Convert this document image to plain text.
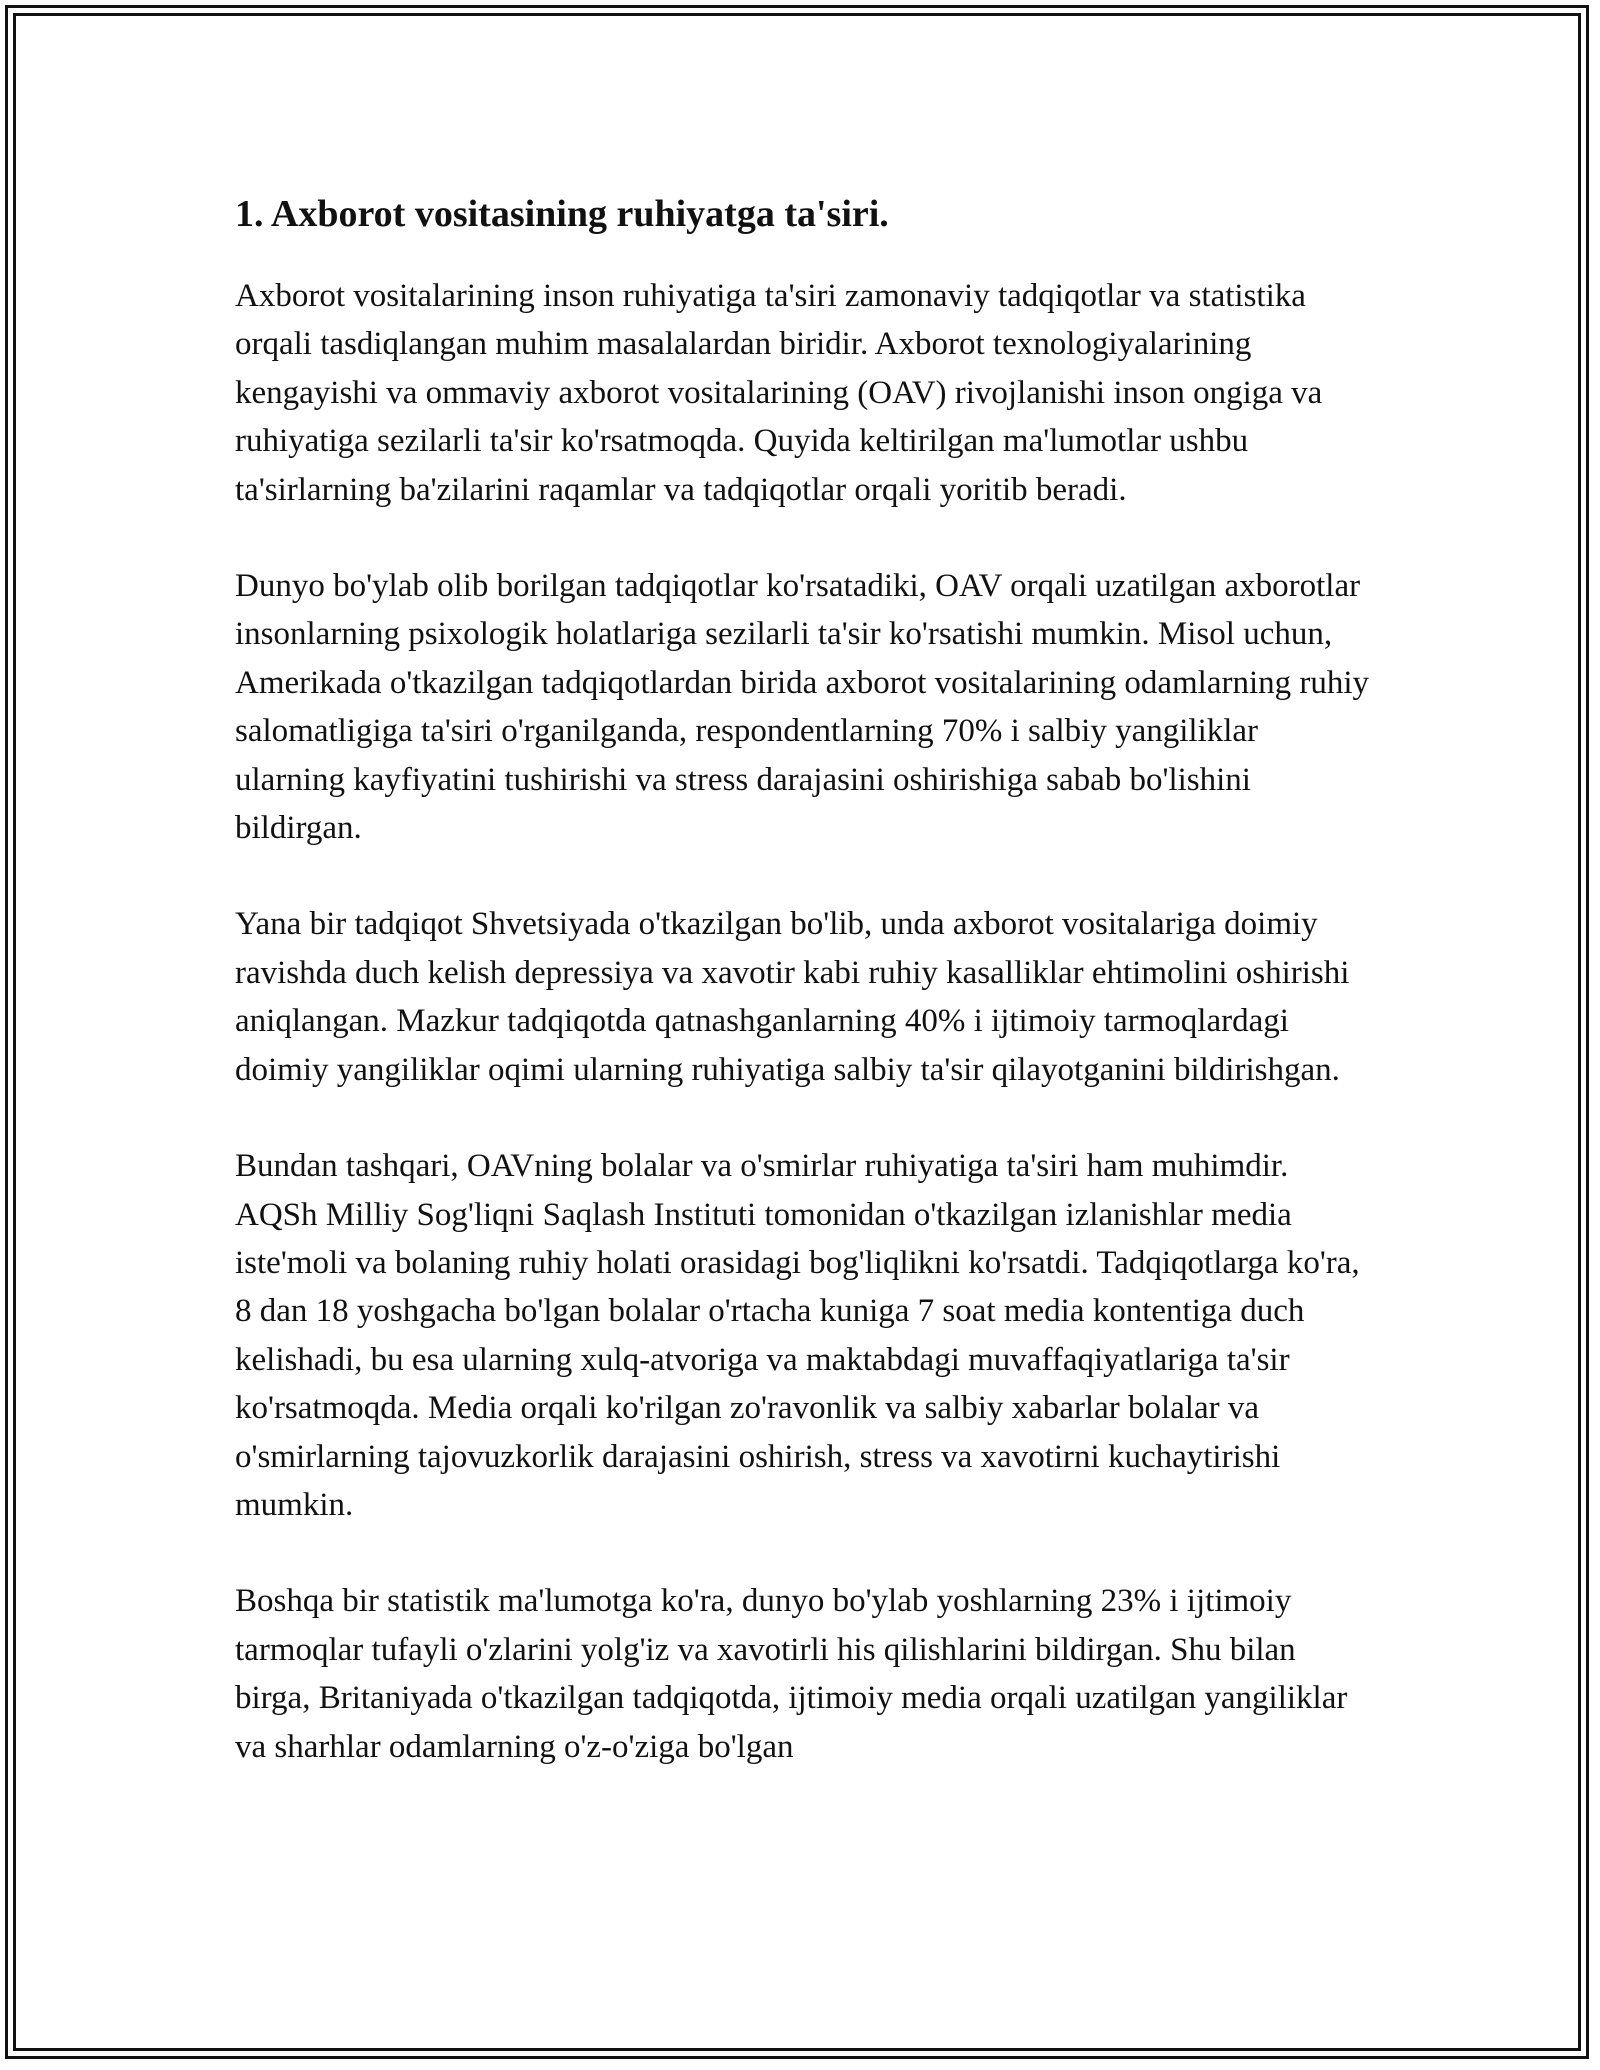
1. Axborot vositasining ruhiyatga ta'siri.

Axborot vositalarining inson ruhiyatiga ta'siri zamonaviy tadqiqotlar va statistika orqali tasdiqlangan muhim masalalardan biridir. Axborot texnologiyalarining kengayishi va ommaviy axborot vositalarining (OAV) rivojlanishi inson ongiga va ruhiyatiga sezilarli ta'sir ko'rsatmoqda. Quyida keltirilgan ma'lumotlar ushbu ta'sirlarning ba'zilarini raqamlar va tadqiqotlar orqali yoritib beradi.

Dunyo bo'ylab olib borilgan tadqiqotlar ko'rsatadiki, OAV orqali uzatilgan axborotlar insonlarning psixologik holatlariga sezilarli ta'sir ko'rsatishi mumkin. Misol uchun, Amerikada o'tkazilgan tadqiqotlardan birida axborot vositalarining odamlarning ruhiy salomatligiga ta'siri o'rganilganda, respondentlarning 70% i salbiy yangiliklar ularning kayfiyatini tushirishi va stress darajasini oshirishiga sabab bo'lishini bildirgan.

Yana bir tadqiqot Shvetsiyada o'tkazilgan bo'lib, unda axborot vositalariga doimiy ravishda duch kelish depressiya va xavotir kabi ruhiy kasalliklar ehtimolini oshirishi aniqlangan. Mazkur tadqiqotda qatnashganlarning 40% i ijtimoiy tarmoqlardagi doimiy yangiliklar oqimi ularning ruhiyatiga salbiy ta'sir qilayotganini bildirishgan.

Bundan tashqari, OAVning bolalar va o'smirlar ruhiyatiga ta'siri ham muhimdir. AQSh Milliy Sog'liqni Saqlash Instituti tomonidan o'tkazilgan izlanishlar media iste'moli va bolaning ruhiy holati orasidagi bog'liqlikni ko'rsatdi. Tadqiqotlarga ko'ra, 8 dan 18 yoshgacha bo'lgan bolalar o'rtacha kuniga 7 soat media kontentiga duch kelishadi, bu esa ularning xulq-atvoriga va maktabdagi muvaffaqiyatlariga ta'sir ko'rsatmoqda. Media orqali ko'rilgan zo'ravonlik va salbiy xabarlar bolalar va o'smirlarning tajovuzkorlik darajasini oshirish, stress va xavotirni kuchaytirishi mumkin.

Boshqa bir statistik ma'lumotga ko'ra, dunyo bo'ylab yoshlarning 23% i ijtimoiy tarmoqlar tufayli o'zlarini yolg'iz va xavotirli his qilishlarini bildirgan. Shu bilan birga, Britaniyada o'tkazilgan tadqiqotda, ijtimoiy media orqali uzatilgan yangiliklar va sharhlar odamlarning o'z-o'ziga bo'lgan
